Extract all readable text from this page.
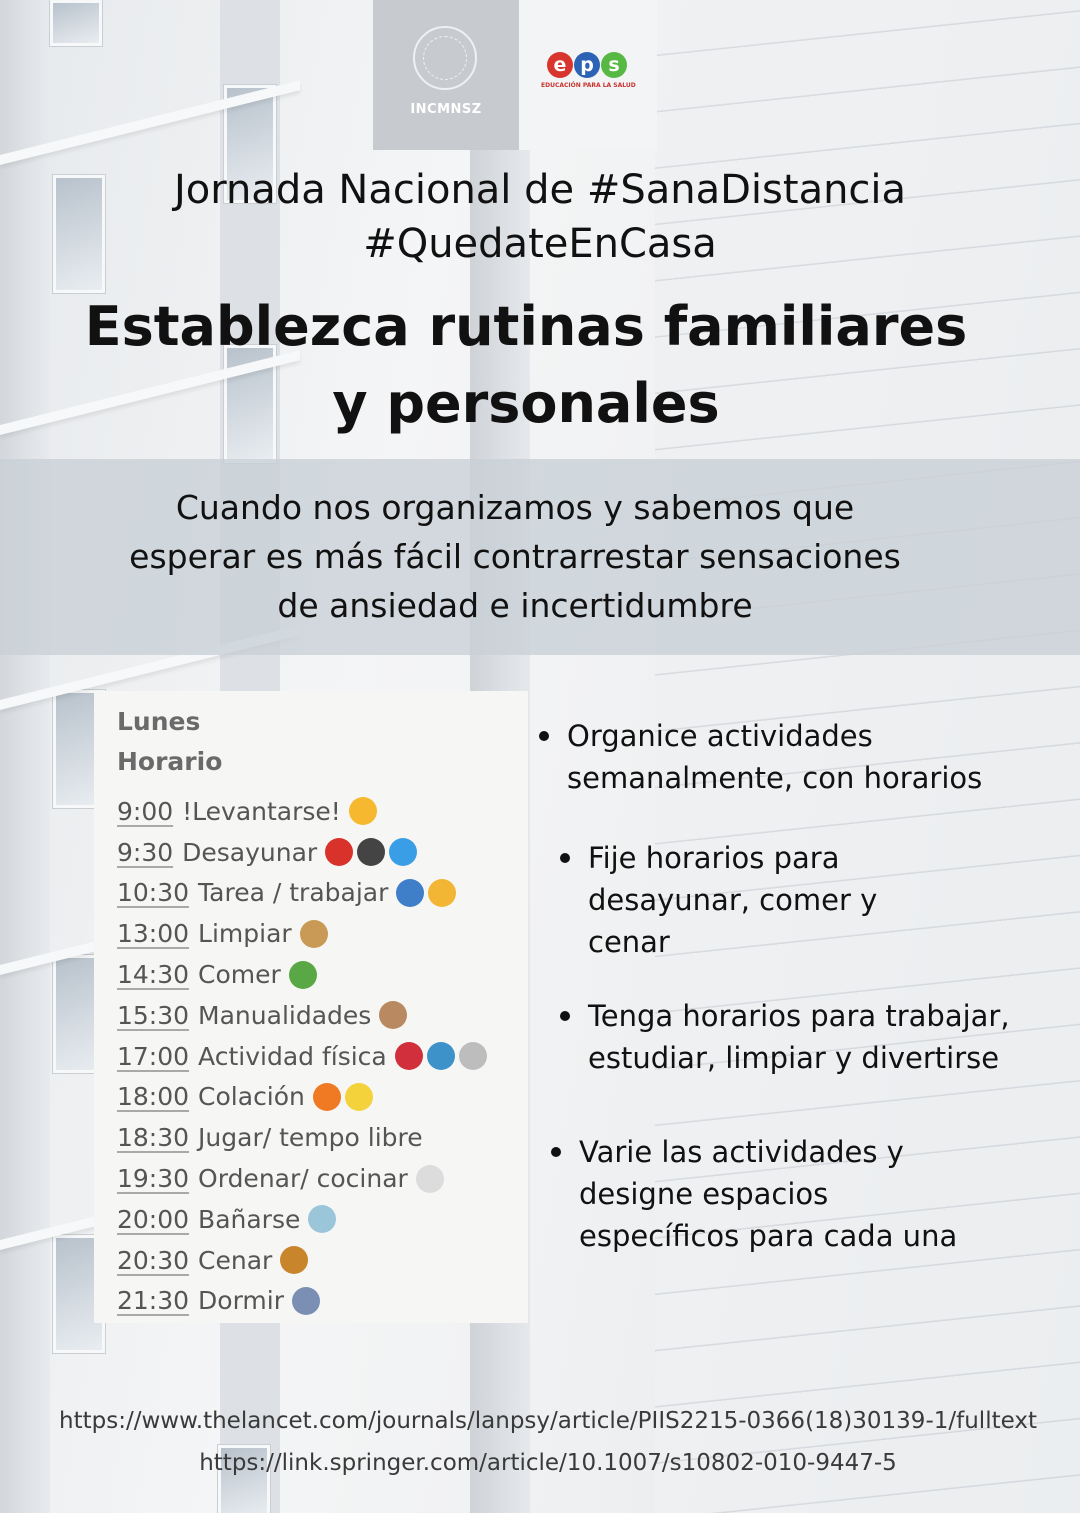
INCMNSZ
e p s
EDUCACIÓN PARA LA SALUD
Jornada Nacional de #SanaDistancia
#QuedateEnCasa
Establezca rutinas familiares
y personales
Cuando nos organizamos y sabemos que
esperar es más fácil contrarrestar sensaciones
de ansiedad e incertidumbre
Lunes
Horario
9:00 !Levantarse!
9:30 Desayunar
10:30 Tarea / trabajar
13:00 Limpiar
14:30 Comer
15:30 Manualidades
17:00 Actividad física
18:00 Colación
18:30 Jugar/ tempo libre
19:30 Ordenar/ cocinar
20:00 Bañarse
20:30 Cenar
21:30 Dormir
Organice actividades
semanalmente, con horarios
Fije horarios para
desayunar, comer y
cenar
Tenga horarios para trabajar,
estudiar, limpiar y divertirse
Varie las actividades y
designe espacios
específicos para cada una
https://www.thelancet.com/journals/lanpsy/article/PIIS2215-0366(18)30139-1/fulltext
https://link.springer.com/article/10.1007/s10802-010-9447-5
